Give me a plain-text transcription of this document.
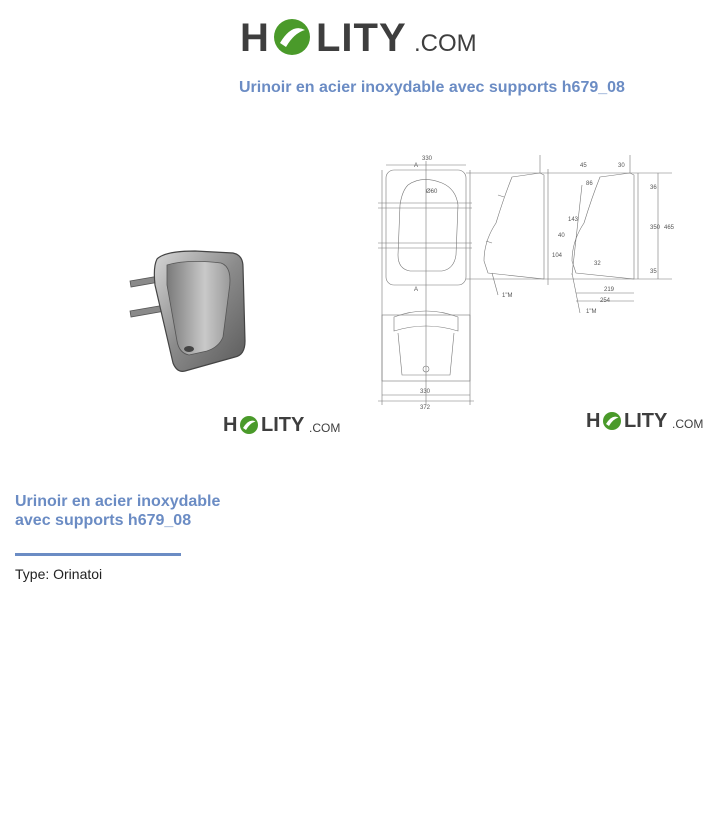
H LITY .COM
Urinoir en acier inoxydable avec supports h679_08
330
A
Ø60
A
330
372
30
36
350 465
35
45
86
143
40
104
32
219
254
1"M
1"M
H LITY .COM	H LITY .COM
Urinoir en acier inoxydable avec supports h679_08
Type: Orinatoi
